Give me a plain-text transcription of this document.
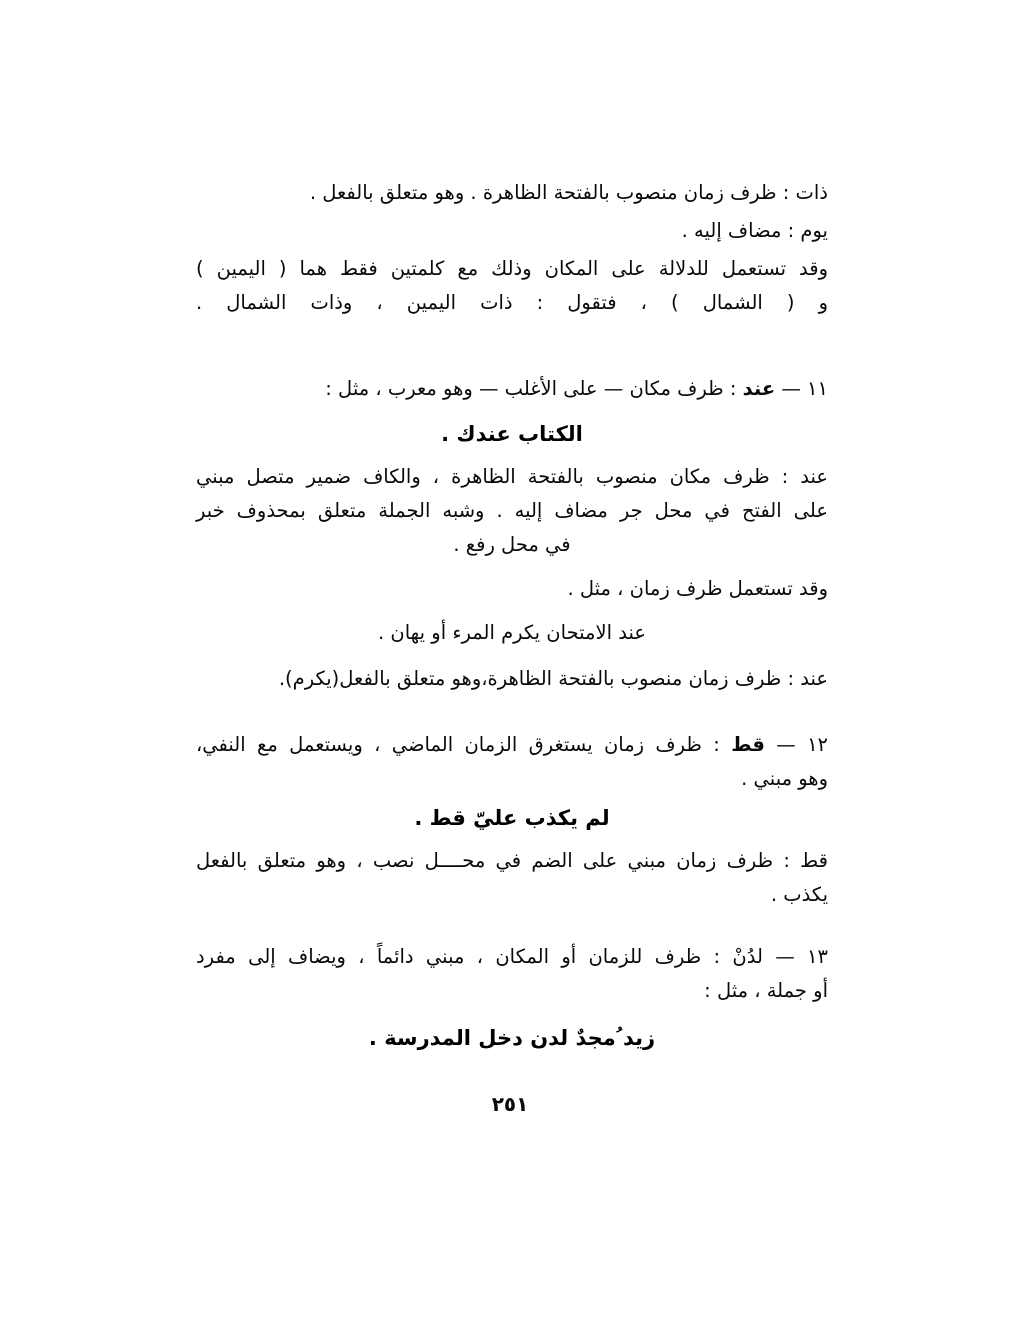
ذات : ظرف زمان منصوب بالفتحة الظاهرة . وهو متعلق بالفعل .
يوم : مضاف إليه .
وقد تستعمل للدلالة على المكان وذلك مع كلمتين فقط هما ( اليمين )
و ( الشمال ) ، فتقول : ذات اليمين ، وذات الشمال .
١١ — عند : ظرف مكان — على الأغلب — وهو معرب ، مثل :
الكتاب عندك .
عند : ظرف مكان منصوب بالفتحة الظاهرة ، والكاف ضمير متصل مبني
على الفتح في محل جر مضاف إليه . وشبه الجملة متعلق بمحذوف خبر
في محل رفع .
وقد تستعمل ظرف زمان ، مثل .
عند الامتحان يكرم المرء أو يهان .
عند : ظرف زمان منصوب بالفتحة الظاهرة،وهو متعلق بالفعل(يكرم).
١٢ — قط : ظرف زمان يستغرق الزمان الماضي ، ويستعمل مع النفي،
وهو مبني .
لم يكذب عليّ قط .
قط : ظرف زمان مبني على الضم في محــــل نصب ، وهو متعلق بالفعل
يكذب .
١٣ — لدُنْ : ظرف للزمان أو المكان ، مبني دائماً ، ويضاف إلى مفرد
أو جملة ، مثل :
زيد ُمجدٌ لدن دخل المدرسة .
٢٥١
